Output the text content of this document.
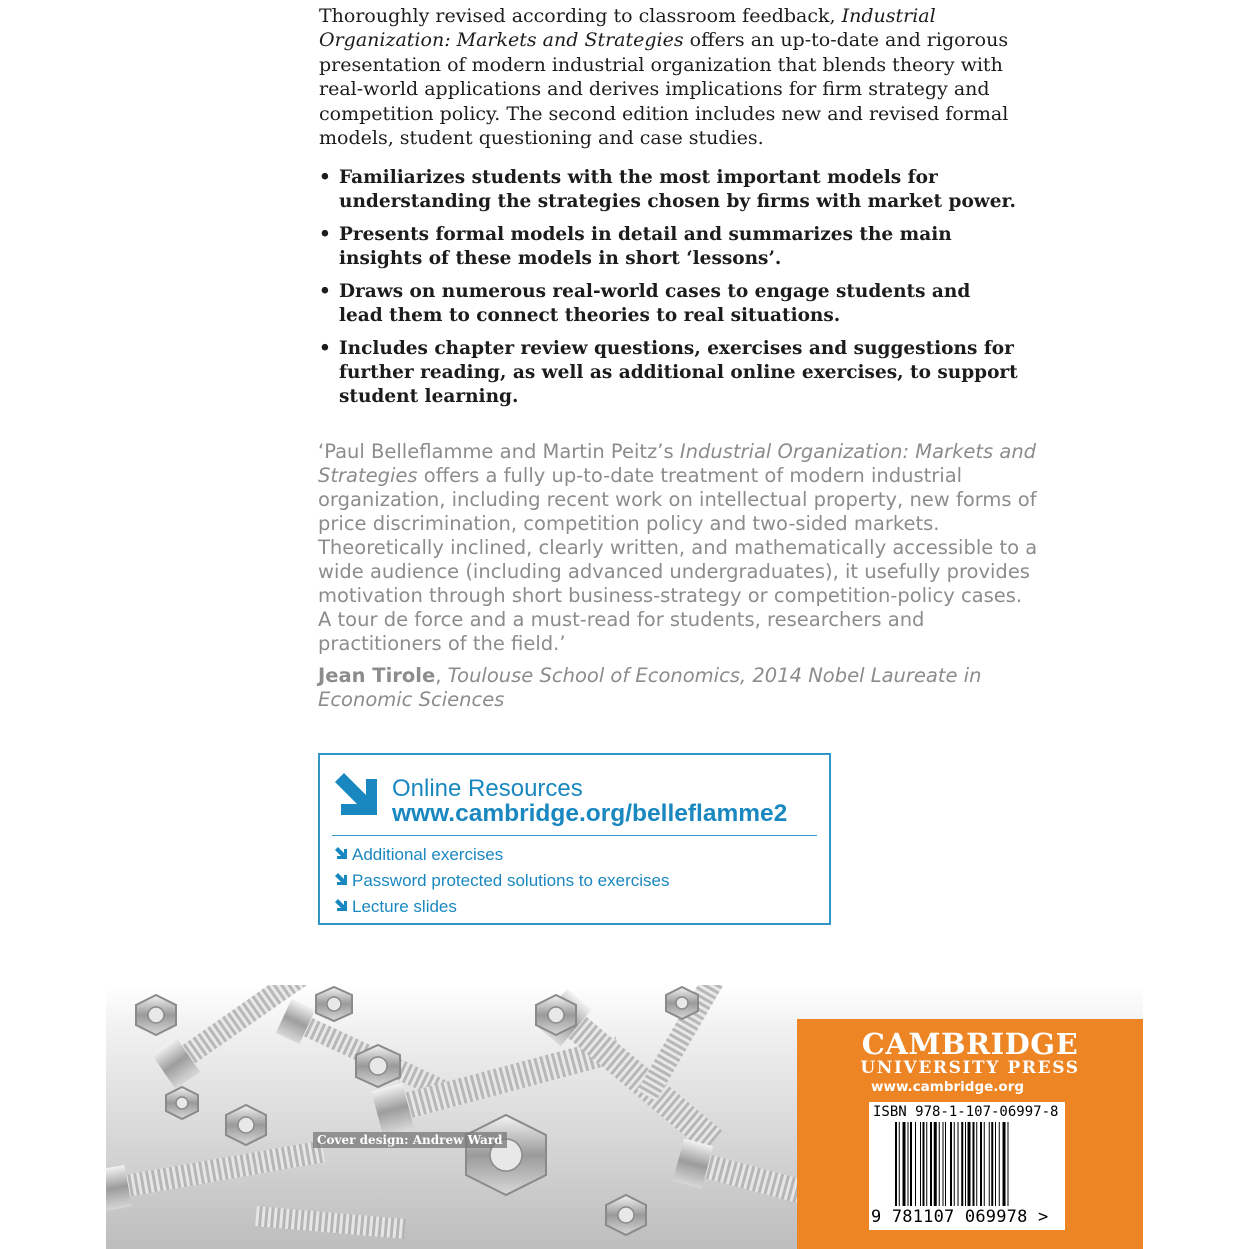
Thoroughly revised according to classroom feedback, Industrial Organization: Markets and Strategies offers an up-to-date and rigorous presentation of modern industrial organization that blends theory with real-world applications and derives implications for firm strategy and competition policy. The second edition includes new and revised formal models, student questioning and case studies.

• Familiarizes students with the most important models for understanding the strategies chosen by firms with market power.
• Presents formal models in detail and summarizes the main insights of these models in short ‘lessons’.
• Draws on numerous real-world cases to engage students and lead them to connect theories to real situations.
• Includes chapter review questions, exercises and suggestions for further reading, as well as additional online exercises, to support student learning.

‘Paul Belleflamme and Martin Peitz’s Industrial Organization: Markets and Strategies offers a fully up-to-date treatment of modern industrial organization, including recent work on intellectual property, new forms of price discrimination, competition policy and two-sided markets. Theoretically inclined, clearly written, and mathematically accessible to a wide audience (including advanced undergraduates), it usefully provides motivation through short business-strategy or competition-policy cases. A tour de force and a must-read for students, researchers and practitioners of the field.’

Jean Tirole, Toulouse School of Economics, 2014 Nobel Laureate in Economic Sciences
Online Resources
www.cambridge.org/belleflamme2
Additional exercises
Password protected solutions to exercises
Lecture slides
Cover design: Andrew Ward
CAMBRIDGE
UNIVERSITY PRESS
www.cambridge.org
ISBN 978-1-107-06997-8
9 781107 069978 >
